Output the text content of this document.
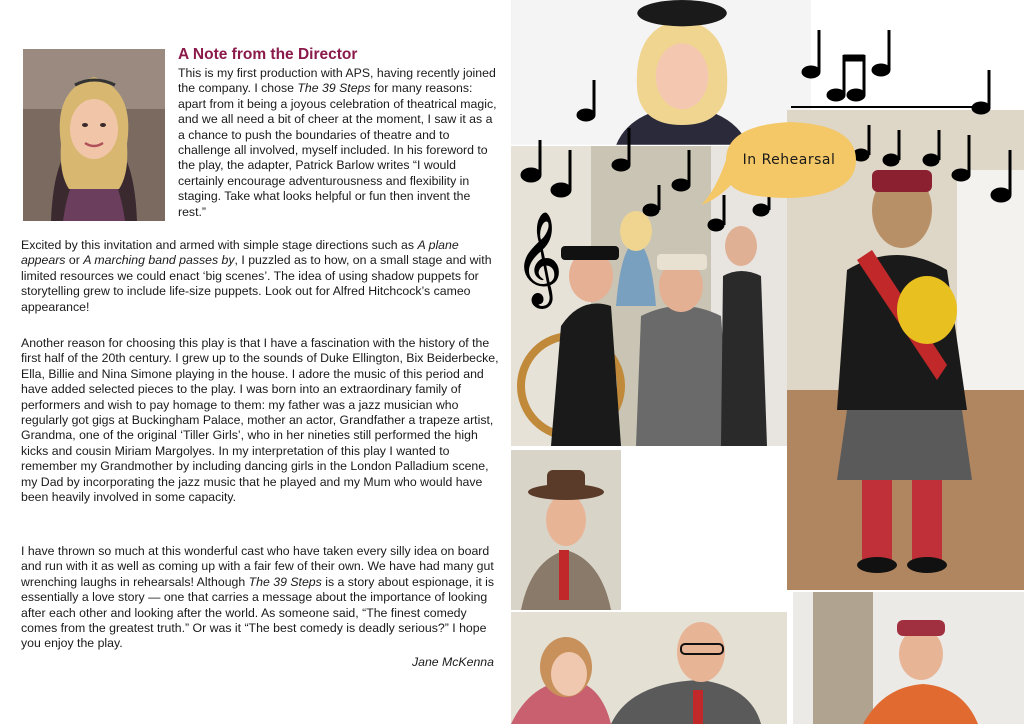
A Note from the Director

This is my first production with APS, having recently joined the company. I chose The 39 Steps for many reasons: apart from it being a joyous celebration of theatrical magic, and we all need a bit of cheer at the moment, I saw it as a a chance to push the boundaries of theatre and to challenge all involved, myself included. In his foreword to the play, the adapter, Patrick Barlow writes “I would certainly encourage adventurousness and flexibility in staging. Take what looks helpful or fun then invent the rest.”

Excited by this invitation and armed with simple stage directions such as A plane appears or A marching band passes by, I puzzled as to how, on a small stage and with limited resources we could enact ‘big scenes’. The idea of using shadow puppets for storytelling grew to include life-size puppets. Look out for Alfred Hitchcock’s cameo appearance!

Another reason for choosing this play is that I have a fascination with the history of the first half of the 20th century. I grew up to the sounds of Duke Ellington, Bix Beiderbecke, Ella, Billie and Nina Simone playing in the house. I adore the music of this period and have added selected pieces to the play. I was born into an extraordinary family of performers and wish to pay homage to them: my father was a jazz musician who regularly got gigs at Buckingham Palace, mother an actor, Grandfather a trapeze artist, Grandma, one of the original ‘Tiller Girls’, who in her nineties still performed the high kicks and cousin Miriam Margolyes. In my interpretation of this play I wanted to remember my Grandmother by including dancing girls in the London Palladium scene, my Dad by incorporating the jazz music that he played and my Mum who would have been heavily involved in some capacity.

I have thrown so much at this wonderful cast who have taken every silly idea on board and run with it as well as coming up with a fair few of their own. We have had many gut wrenching laughs in rehearsals! Although The 39 Steps is a story about espionage, it is essentially a love story — one that carries a message about the importance of looking after each other and looking after the world. As someone said, “The finest comedy comes from the greatest truth.” Or was it “The best comedy is deadly serious?” I hope you enjoy the play.

Jane McKenna
𝄞
In Rehearsal
